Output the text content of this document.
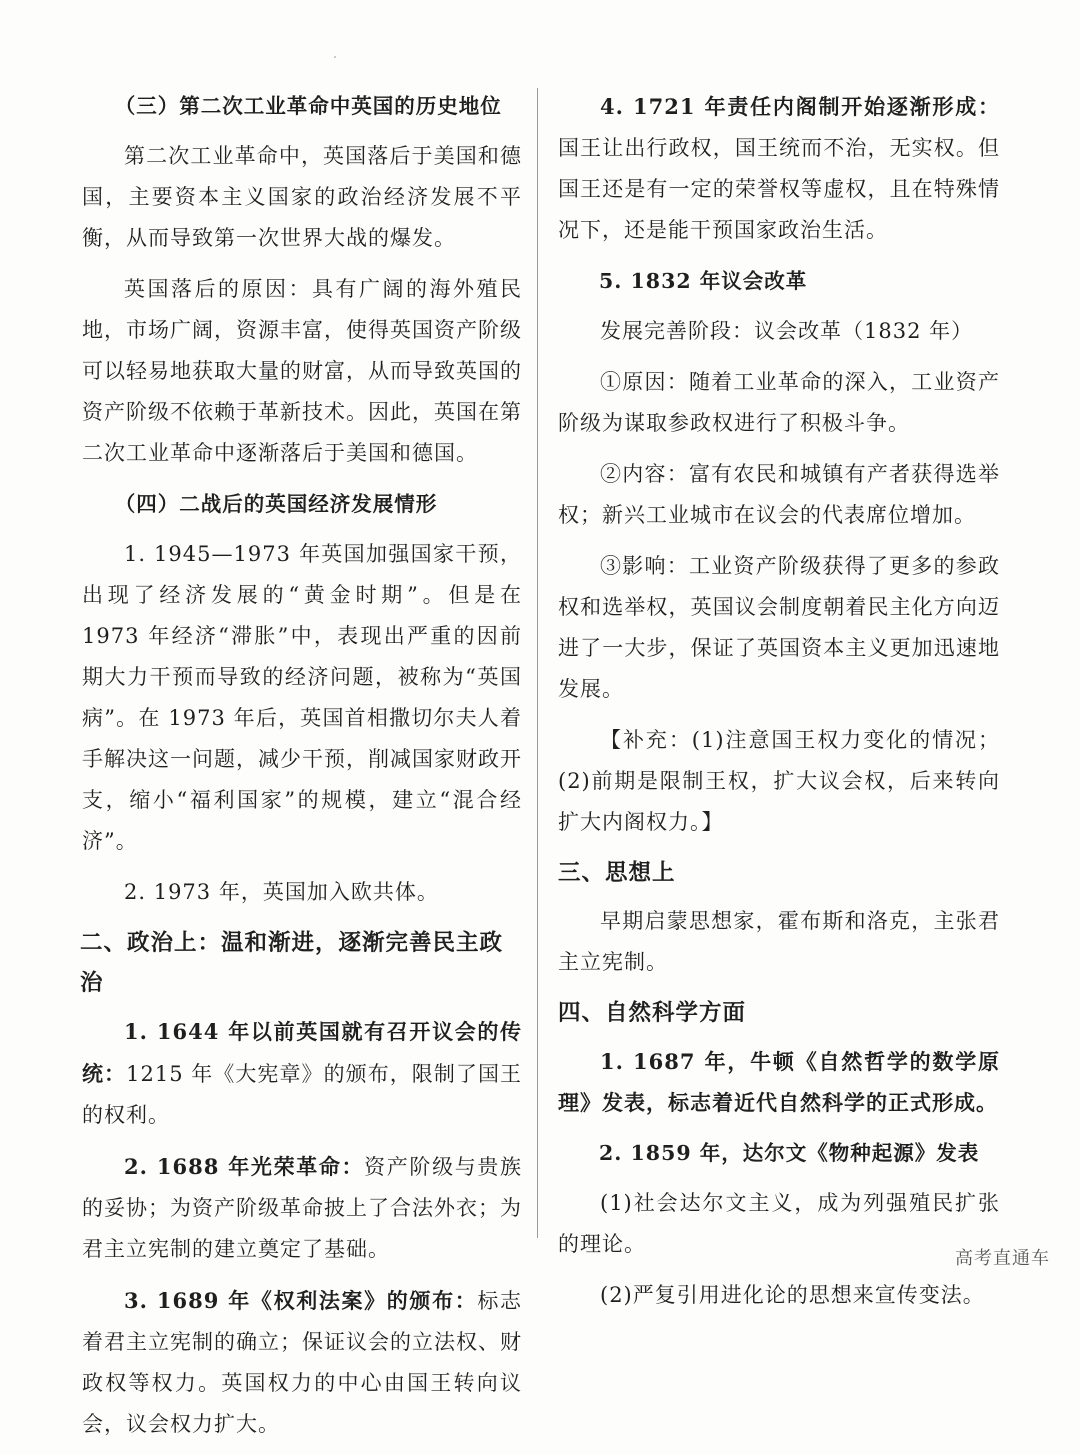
（三）第二次工业革命中英国的历史地位

第二次工业革命中，英国落后于美国和德国，主要资本主义国家的政治经济发展不平衡，从而导致第一次世界大战的爆发。

英国落后的原因：具有广阔的海外殖民地，市场广阔，资源丰富，使得英国资产阶级可以轻易地获取大量的财富，从而导致英国的资产阶级不依赖于革新技术。因此，英国在第二次工业革命中逐渐落后于美国和德国。

（四）二战后的英国经济发展情形

1. 1945—1973 年英国加强国家干预，出现了经济发展的“黄金时期”。但是在 1973 年经济“滞胀”中，表现出严重的因前期大力干预而导致的经济问题，被称为“英国病”。在 1973 年后，英国首相撒切尔夫人着手解决这一问题，减少干预，削减国家财政开支，缩小“福利国家”的规模，建立“混合经济”。

2. 1973 年，英国加入欧共体。

二、政治上：温和渐进，逐渐完善民主政治

1. 1644 年以前英国就有召开议会的传统：1215 年《大宪章》的颁布，限制了国王的权利。

2. 1688 年光荣革命：资产阶级与贵族的妥协；为资产阶级革命披上了合法外衣；为君主立宪制的建立奠定了基础。

3. 1689 年《权利法案》的颁布：标志着君主立宪制的确立；保证议会的立法权、财政权等权力。英国权力的中心由国王转向议会，议会权力扩大。

4. 1721 年责任内阁制开始逐渐形成：国王让出行政权，国王统而不治，无实权。但国王还是有一定的荣誉权等虚权，且在特殊情况下，还是能干预国家政治生活。

5. 1832 年议会改革

发展完善阶段：议会改革（1832 年）

①原因：随着工业革命的深入，工业资产阶级为谋取参政权进行了积极斗争。

②内容：富有农民和城镇有产者获得选举权；新兴工业城市在议会的代表席位增加。

③影响：工业资产阶级获得了更多的参政权和选举权，英国议会制度朝着民主化方向迈进了一大步，保证了英国资本主义更加迅速地发展。

【补充：(1)注意国王权力变化的情况；(2)前期是限制王权，扩大议会权，后来转向扩大内阁权力。】

三、思想上

早期启蒙思想家，霍布斯和洛克，主张君主立宪制。

四、自然科学方面

1. 1687 年，牛顿《自然哲学的数学原理》发表，标志着近代自然科学的正式形成。

2. 1859 年，达尔文《物种起源》发表

(1)社会达尔文主义，成为列强殖民扩张的理论。

(2)严复引用进化论的思想来宣传变法。

高考直通车
